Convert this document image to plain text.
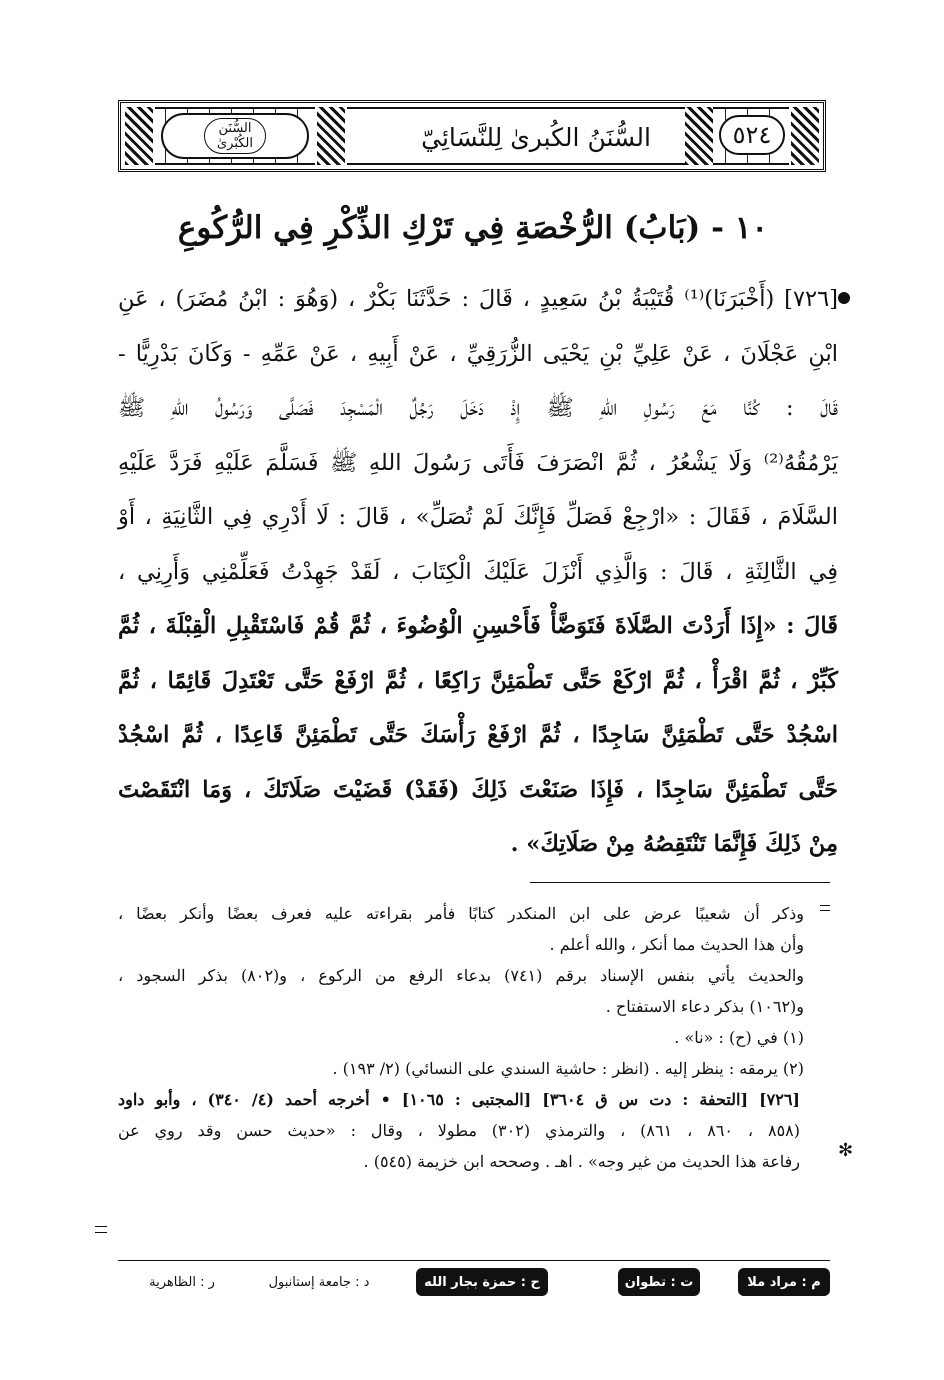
السُّنَن
الكُبْرىٰ	السُّنَنُ الكُبرىٰ لِلنَّسَائِيّ	٥٢٤
١٠ - (بَابُ) الرُّخْصَةِ فِي تَرْكِ الذِّكْرِ فِي الرُّكُوعِ
[٧٢٦] (أَخْبَرَنَا)⁽¹⁾ قُتَيْبَةُ بْنُ سَعِيدٍ ، قَالَ : حَدَّثَنَا بَكْرٌ ، (وَهُوَ : ابْنُ مُضَرَ) ، عَنِ
ابْنِ عَجْلَانَ ، عَنْ عَلِيِّ بْنِ يَحْيَى الزُّرَقِيِّ ، عَنْ أَبِيهِ ، عَنْ عَمِّهِ - وَكَانَ بَدْرِيًّا -
قَالَ : كُنَّا مَعَ رَسُولِ اللهِ ﷺ إِذْ دَخَلَ رَجُلٌ الْمَسْجِدَ فَصَلَّى وَرَسُولُ اللهِ ﷺ
يَرْمُقُهُ⁽²⁾ وَلَا يَشْعُرُ ، ثُمَّ انْصَرَفَ فَأَتَى رَسُولَ اللهِ ﷺ فَسَلَّمَ عَلَيْهِ فَرَدَّ عَلَيْهِ
السَّلَامَ ، فَقَالَ : «ارْجِعْ فَصَلِّ فَإِنَّكَ لَمْ تُصَلِّ» ، قَالَ : لَا أَدْرِي فِي الثَّانِيَةِ ، أَوْ
فِي الثَّالِثَةِ ، قَالَ : وَالَّذِي أَنْزَلَ عَلَيْكَ الْكِتَابَ ، لَقَدْ جَهِدْتُ فَعَلِّمْنِي وَأَرِنِي ،
قَالَ : «إِذَا أَرَدْتَ الصَّلَاةَ فَتَوَضَّأْ فَأَحْسِنِ الْوُضُوءَ ، ثُمَّ قُمْ فَاسْتَقْبِلِ الْقِبْلَةَ ، ثُمَّ
كَبِّرْ ، ثُمَّ اقْرَأْ ، ثُمَّ ارْكَعْ حَتَّى تَطْمَئِنَّ رَاكِعًا ، ثُمَّ ارْفَعْ حَتَّى تَعْتَدِلَ قَائِمًا ، ثُمَّ
اسْجُدْ حَتَّى تَطْمَئِنَّ سَاجِدًا ، ثُمَّ ارْفَعْ رَأْسَكَ حَتَّى تَطْمَئِنَّ قَاعِدًا ، ثُمَّ اسْجُدْ
حَتَّى تَطْمَئِنَّ سَاجِدًا ، فَإِذَا صَنَعْتَ ذَلِكَ (فَقَدْ) قَضَيْتَ صَلَاتَكَ ، وَمَا انْتَقَصْتَ
مِنْ ذَلِكَ فَإِنَّمَا تَنْتَقِصُهُ مِنْ صَلَاتِكَ» .
وذكر أن شعيبًا عرض على ابن المنكدر كتابًا فأمر بقراءته عليه فعرف بعضًا وأنكر بعضًا ،
وأن هذا الحديث مما أنكر ، والله أعلم .
والحديث يأتي بنفس الإسناد برقم (٧٤١) بدعاء الرفع من الركوع ، و(٨٠٢) بذكر السجود ،
و(١٠٦٢) بذكر دعاء الاستفتاح .
(١) في (ح) : «نا» .
(٢) يرمقه : ينظر إليه . (انظر : حاشية السندي على النسائي) (٢/ ١٩٣) .
[٧٢٦] [التحفة : دت س ق ٣٦٠٤] [المجتبى : ١٠٦٥] • أخرجه أحمد (٤/ ٣٤٠) ، وأبو داود
(٨٥٨ ، ٨٦٠ ، ٨٦١) ، والترمذي (٣٠٢) مطولا ، وقال : «حديث حسن وقد روي عن
رفاعة هذا الحديث من غير وجه» . اهـ . وصححه ابن خزيمة (٥٤٥) .
✻
م : مراد ملا
ت : تطوان
ح : حمزة بجار الله
د : جامعة إستانبول
ر : الظاهرية
